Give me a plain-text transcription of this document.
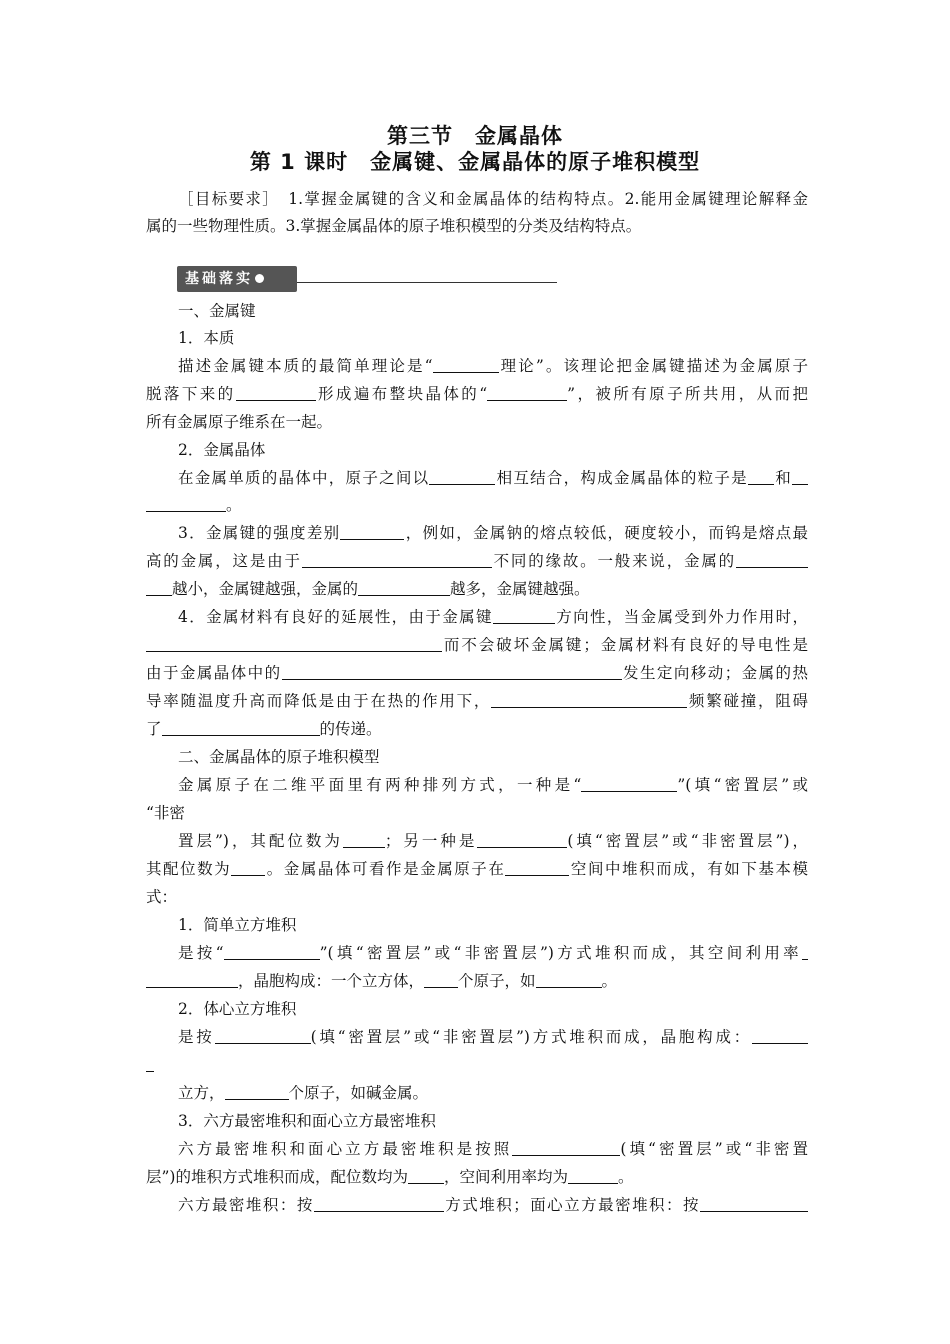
第三节　金属晶体
第 1 课时　金属键、金属晶体的原子堆积模型
［目标要求］　1.掌握金属键的含义和金属晶体的结构特点。2.能用金属键理论解释金
属的一些物理性质。3.掌握金属晶体的原子堆积模型的分类及结构特点。
基础落实
一、金属键
1．本质
描述金属键本质的最简单理论是“	理论”。该理论把金属键描述为金属原子
脱落下来的	形成遍布整块晶体的“	”，被所有原子所共用，从而把
所有金属原子维系在一起。
2．金属晶体
在金属单质的晶体中，原子之间以	相互结合，构成金属晶体的粒子是 和
。
3．金属键的强度差别	，例如，金属钠的熔点较低，硬度较小，而钨是熔点最
高的金属，这是由于	不同的缘故。一般来说，金属的
越小，金属键越强，金属的	越多，金属键越强。
4．金属材料有良好的延展性，由于金属键	方向性，当金属受到外力作用时，
而不会破坏金属键；金属材料有良好的导电性是
由于金属晶体中的	发生定向移动；金属的热
导率随温度升高而降低是由于在热的作用下，	频繁碰撞，阻碍
了	的传递。
二、金属晶体的原子堆积模型
金属原子在二维平面里有两种排列方式，一种是“	”(填“密置层”或
“非密
置层”)，其配位数为	；另一种是	(填“密置层”或“非密置层”)，
其配位数为 。金属晶体可看作是金属原子在	空间中堆积而成，有如下基本模
式：
1．简单立方堆积
是按“	”(填“密置层”或“非密置层”)方式堆积而成，其空间利用率
，晶胞构成：一个立方体， 个原子，如	。
2．体心立方堆积
是按	(填“密置层”或“非密置层”)方式堆积而成，晶胞构成：
立方，	个原子，如碱金属。
3．六方最密堆积和面心立方最密堆积
六方最密堆积和面心立方最密堆积是按照	(填“密置层”或“非密置
层”)的堆积方式堆积而成，配位数均为 ，空间利用率均为	。
六方最密堆积：按	方式堆积；面心立方最密堆积：按
